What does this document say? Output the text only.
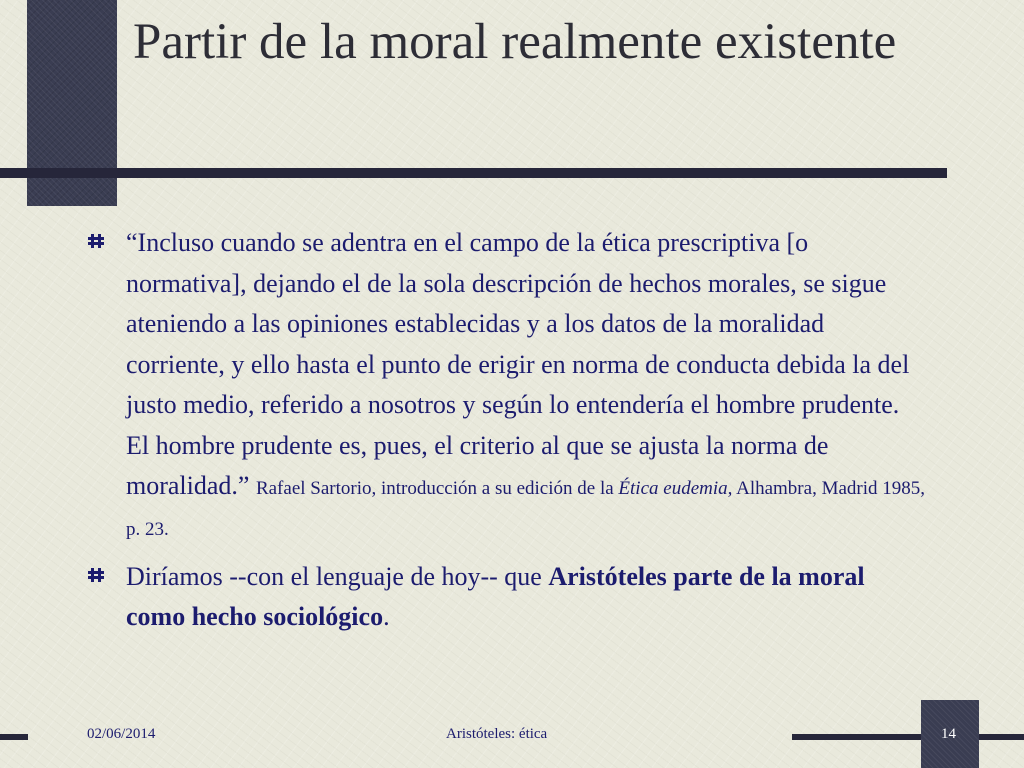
Partir de la moral realmente existente
“Incluso cuando se adentra en el campo de la ética prescriptiva [o normativa], dejando el de la sola descripción de hechos morales, se sigue ateniendo a las opiniones establecidas y a los datos de la moralidad corriente, y ello hasta el punto de erigir en norma de conducta debida la del justo medio, referido a nosotros y según lo entendería el hombre prudente. El hombre prudente es, pues, el criterio al que se ajusta la norma de moralidad.” Rafael Sartorio, introducción a su edición de la Ética eudemia, Alhambra, Madrid 1985, p. 23.
Diríamos --con el lenguaje de hoy-- que Aristóteles parte de la moral como hecho sociológico.
02/06/2014	Aristóteles: ética	14
